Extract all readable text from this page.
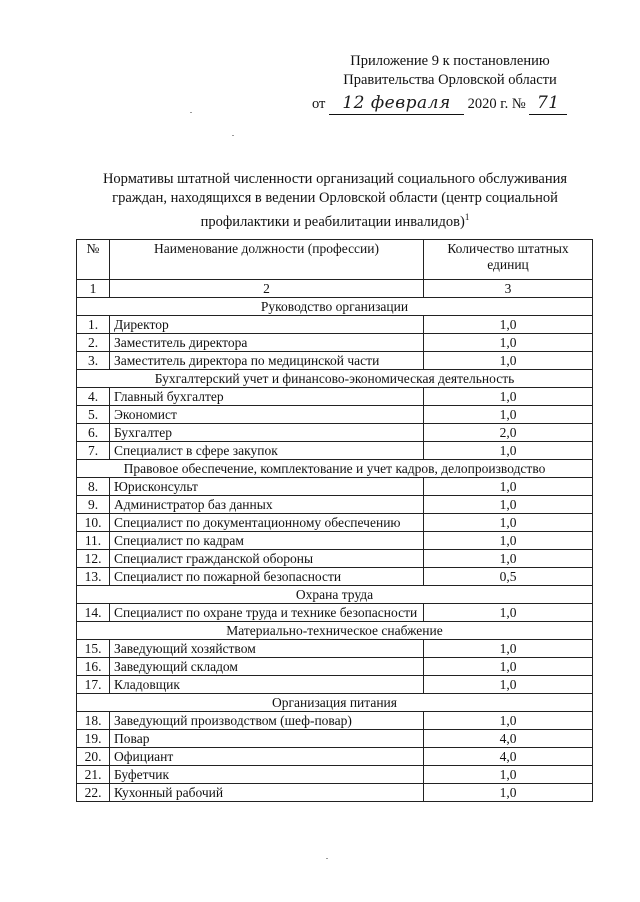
Приложение 9 к постановлению
Правительства Орловской области
от 12 февраля 2020 г. № 71
Нормативы штатной численности организаций социального обслуживания граждан, находящихся в ведении Орловской области (центр социальной профилактики и реабилитации инвалидов)$^1$
№	Наименование должности (профессии)	Количество штатных единиц
1	2	3
Руководство организации		
1.	Директор	1,0
2.	Заместитель директора	1,0
3.	Заместитель директора по медицинской части	1,0
Бухгалтерский учет и финансово-экономическая деятельность		
4.	Главный бухгалтер	1,0
5.	Экономист	1,0
6.	Бухгалтер	2,0
7.	Специалист в сфере закупок	1,0
Правовое обеспечение, комплектование и учет кадров, делопроизводство		
8.	Юрисконсульт	1,0
9.	Администратор баз данных	1,0
10.	Специалист по документационному обеспечению	1,0
11.	Специалист по кадрам	1,0
12.	Специалист гражданской обороны	1,0
13.	Специалист по пожарной безопасности	0,5
Охрана труда		
14.	Специалист по охране труда и технике безопасности	1,0
Материально-техническое снабжение		
15.	Заведующий хозяйством	1,0
16.	Заведующий складом	1,0
17.	Кладовщик	1,0
Организация питания		
18.	Заведующий производством (шеф-повар)	1,0
19.	Повар	4,0
20.	Официант	4,0
21.	Буфетчик	1,0
22.	Кухонный рабочий	1,0
